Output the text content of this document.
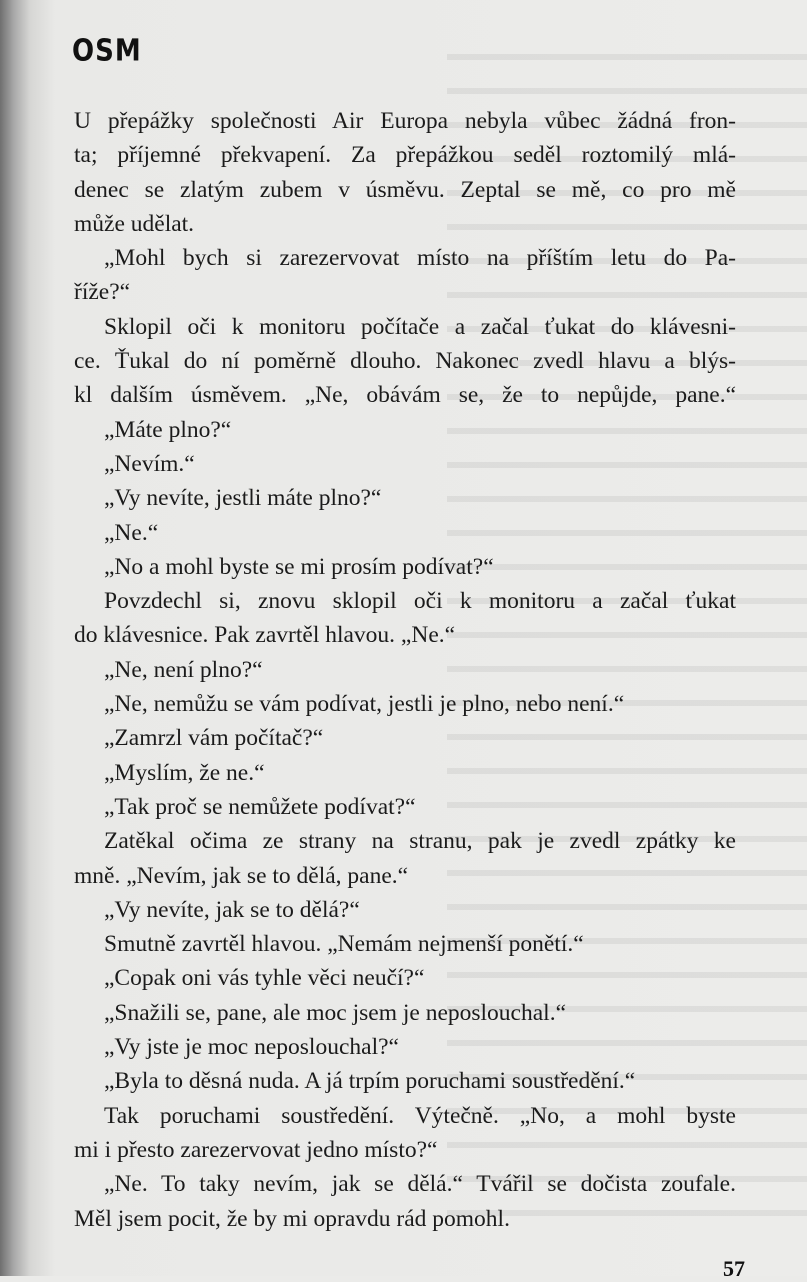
OSM
U přepážky společnosti Air Europa nebyla vůbec žádná fron-
ta; příjemné překvapení. Za přepážkou seděl roztomilý mlá-
denec se zlatým zubem v úsměvu. Zeptal se mě, co pro mě
může udělat.
„Mohl bych si zarezervovat místo na příštím letu do Pa-
říže?“
Sklopil oči k monitoru počítače a začal ťukat do klávesni-
ce. Ťukal do ní poměrně dlouho. Nakonec zvedl hlavu a blýs-
kl dalším úsměvem. „Ne, obávám se, že to nepůjde, pane.“
„Máte plno?“
„Nevím.“
„Vy nevíte, jestli máte plno?“
„Ne.“
„No a mohl byste se mi prosím podívat?“
Povzdechl si, znovu sklopil oči k monitoru a začal ťukat
do klávesnice. Pak zavrtěl hlavou. „Ne.“
„Ne, není plno?“
„Ne, nemůžu se vám podívat, jestli je plno, nebo není.“
„Zamrzl vám počítač?“
„Myslím, že ne.“
„Tak proč se nemůžete podívat?“
Zatěkal očima ze strany na stranu, pak je zvedl zpátky ke
mně. „Nevím, jak se to dělá, pane.“
„Vy nevíte, jak se to dělá?“
Smutně zavrtěl hlavou. „Nemám nejmenší ponětí.“
„Copak oni vás tyhle věci neučí?“
„Snažili se, pane, ale moc jsem je neposlouchal.“
„Vy jste je moc neposlouchal?“
„Byla to děsná nuda. A já trpím poruchami soustředění.“
Tak poruchami soustředění. Výtečně. „No, a mohl byste
mi i přesto zarezervovat jedno místo?“
„Ne. To taky nevím, jak se dělá.“ Tvářil se dočista zoufale.
Měl jsem pocit, že by mi opravdu rád pomohl.
57
